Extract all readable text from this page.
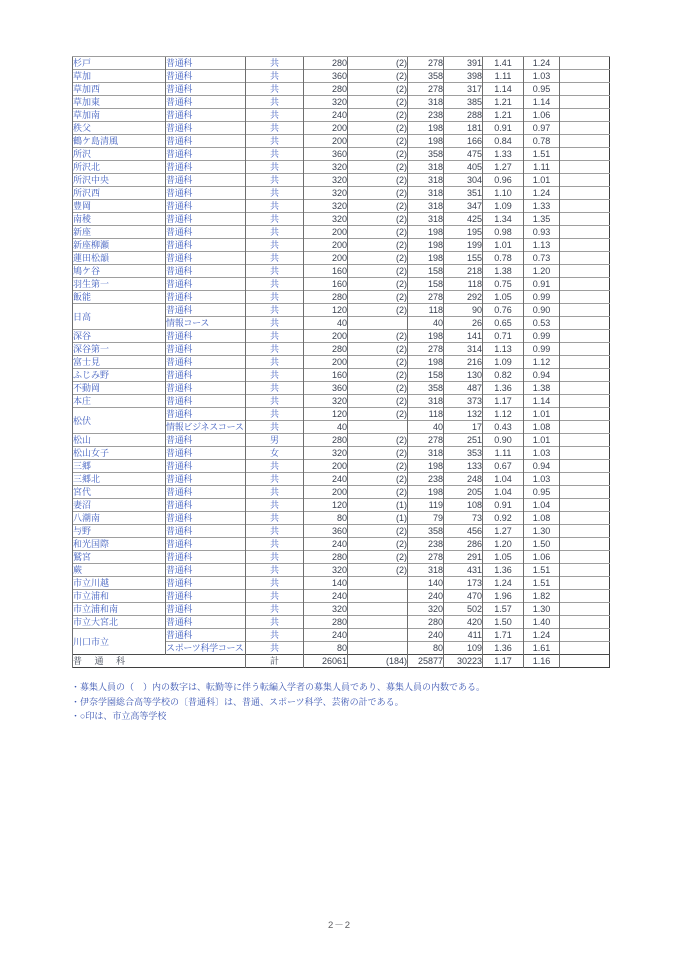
杉戸	普通科	共	280	(2)	278	391	1.41	1.24	
草加	普通科	共	360	(2)	358	398	1.11	1.03	
草加西	普通科	共	280	(2)	278	317	1.14	0.95	
草加東	普通科	共	320	(2)	318	385	1.21	1.14	
草加南	普通科	共	240	(2)	238	288	1.21	1.06	
秩父	普通科	共	200	(2)	198	181	0.91	0.97	
鶴ケ島清風	普通科	共	200	(2)	198	166	0.84	0.78	
所沢	普通科	共	360	(2)	358	475	1.33	1.51	
所沢北	普通科	共	320	(2)	318	405	1.27	1.11	
所沢中央	普通科	共	320	(2)	318	304	0.96	1.01	
所沢西	普通科	共	320	(2)	318	351	1.10	1.24	
豊岡	普通科	共	320	(2)	318	347	1.09	1.33	
南稜	普通科	共	320	(2)	318	425	1.34	1.35	
新座	普通科	共	200	(2)	198	195	0.98	0.93	
新座柳瀬	普通科	共	200	(2)	198	199	1.01	1.13	
蓮田松韻	普通科	共	200	(2)	198	155	0.78	0.73	
鳩ケ谷	普通科	共	160	(2)	158	218	1.38	1.20	
羽生第一	普通科	共	160	(2)	158	118	0.75	0.91	
飯能	普通科	共	280	(2)	278	292	1.05	0.99	
日高	普通科	共	120	(2)	118	90	0.76	0.90	
	情報コース	共	40		40	26	0.65	0.53	
深谷	普通科	共	200	(2)	198	141	0.71	0.99	
深谷第一	普通科	共	280	(2)	278	314	1.13	0.99	
富士見	普通科	共	200	(2)	198	216	1.09	1.12	
ふじみ野	普通科	共	160	(2)	158	130	0.82	0.94	
不動岡	普通科	共	360	(2)	358	487	1.36	1.38	
本庄	普通科	共	320	(2)	318	373	1.17	1.14	
松伏	普通科	共	120	(2)	118	132	1.12	1.01	
	情報ビジネスコース	共	40		40	17	0.43	1.08	
松山	普通科	男	280	(2)	278	251	0.90	1.01	
松山女子	普通科	女	320	(2)	318	353	1.11	1.03	
三郷	普通科	共	200	(2)	198	133	0.67	0.94	
三郷北	普通科	共	240	(2)	238	248	1.04	1.03	
宮代	普通科	共	200	(2)	198	205	1.04	0.95	
妻沼	普通科	共	120	(1)	119	108	0.91	1.04	
八潮南	普通科	共	80	(1)	79	73	0.92	1.08	
与野	普通科	共	360	(2)	358	456	1.27	1.30	
和光国際	普通科	共	240	(2)	238	286	1.20	1.50	
鷲宮	普通科	共	280	(2)	278	291	1.05	1.06	
蕨	普通科	共	320	(2)	318	431	1.36	1.51	
市立川越	普通科	共	140		140	173	1.24	1.51	
市立浦和	普通科	共	240		240	470	1.96	1.82	
市立浦和南	普通科	共	320		320	502	1.57	1.30	
市立大宮北	普通科	共	280		280	420	1.50	1.40	
川口市立	普通科	共	240		240	411	1.71	1.24	
	スポーツ科学コース	共	80		80	109	1.36	1.61	
普 通 科		計	26061	(184)	25877	30223	1.17	1.16	
・募集人員の（　）内の数字は、転勤等に伴う転編入学者の募集人員であり、募集人員の内数である。
・伊奈学園総合高等学校の〔普通科〕は、普通、スポーツ科学、芸術の計である。
・○印は、市立高等学校
2－2
